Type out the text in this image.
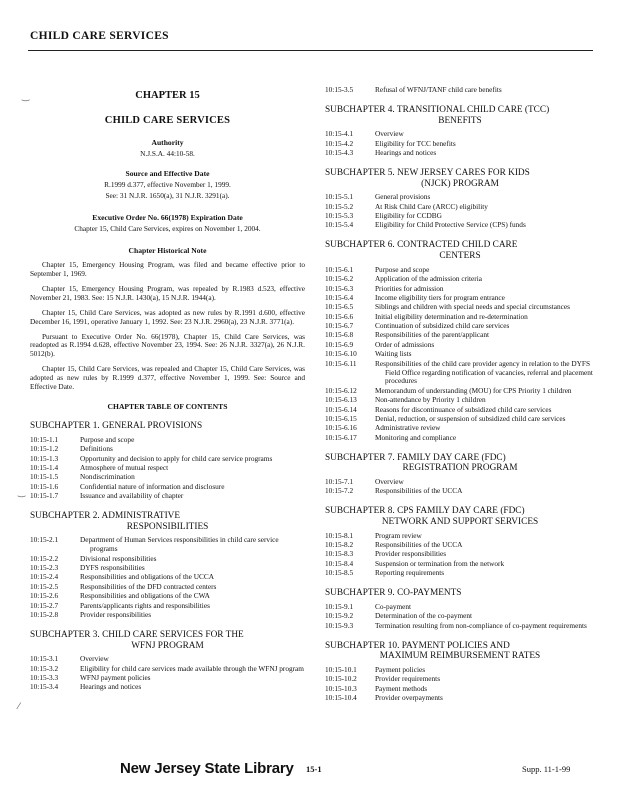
CHILD CARE SERVICES
‿
‿
⁄
CHAPTER 15
CHILD CARE SERVICES
Authority
N.J.S.A. 44:10-58.
Source and Effective Date
R.1999 d.377, effective November 1, 1999.
See: 31 N.J.R. 1650(a), 31 N.J.R. 3291(a).
Executive Order No. 66(1978) Expiration Date
Chapter 15, Child Care Services, expires on November 1, 2004.
Chapter Historical Note
Chapter 15, Emergency Housing Program, was filed and became effective prior to September 1, 1969.
Chapter 15, Emergency Housing Program, was repealed by R.1983 d.523, effective November 21, 1983. See: 15 N.J.R. 1430(a), 15 N.J.R. 1944(a).
Chapter 15, Child Care Services, was adopted as new rules by R.1991 d.600, effective December 16, 1991, operative January 1, 1992. See: 23 N.J.R. 2960(a), 23 N.J.R. 3771(a).
Pursuant to Executive Order No. 66(1978), Chapter 15, Child Care Services, was readopted as R.1994 d.628, effective November 23, 1994. See: 26 N.J.R. 3327(a), 26 N.J.R. 5012(b).
Chapter 15, Child Care Services, was repealed and Chapter 15, Child Care Services, was adopted as new rules by R.1999 d.377, effective November 1, 1999. See: Source and Effective Date.
CHAPTER TABLE OF CONTENTS
SUBCHAPTER 1. GENERAL PROVISIONS
10:15-1.1	Purpose and scope
10:15-1.2	Definitions
10:15-1.3	Opportunity and decision to apply for child care service programs
10:15-1.4	Atmosphere of mutual respect
10:15-1.5	Nondiscrimination
10:15-1.6	Confidential nature of information and disclosure
10:15-1.7	Issuance and availability of chapter
SUBCHAPTER 2. ADMINISTRATIVE
RESPONSIBILITIES
10:15-2.1	Department of Human Services responsibilities in child care service programs
10:15-2.2	Divisional responsibilities
10:15-2.3	DYFS responsibilities
10:15-2.4	Responsibilities and obligations of the UCCA
10:15-2.5	Responsibilities of the DFD contracted centers
10:15-2.6	Responsibilities and obligations of the CWA
10:15-2.7	Parents/applicants rights and responsibilities
10:15-2.8	Provider responsibilities
SUBCHAPTER 3. CHILD CARE SERVICES FOR THE
WFNJ PROGRAM
10:15-3.1	Overview
10:15-3.2	Eligibility for child care services made available through the WFNJ program
10:15-3.3	WFNJ payment policies
10:15-3.4	Hearings and notices
10:15-3.5	Refusal of WFNJ/TANF child care benefits
SUBCHAPTER 4. TRANSITIONAL CHILD CARE (TCC)
BENEFITS
10:15-4.1	Overview
10:15-4.2	Eligibility for TCC benefits
10:15-4.3	Hearings and notices
SUBCHAPTER 5. NEW JERSEY CARES FOR KIDS
(NJCK) PROGRAM
10:15-5.1	General provisions
10:15-5.2	At Risk Child Care (ARCC) eligibility
10:15-5.3	Eligibility for CCDBG
10:15-5.4	Eligibility for Child Protective Service (CPS) funds
SUBCHAPTER 6. CONTRACTED CHILD CARE
CENTERS
10:15-6.1	Purpose and scope
10:15-6.2	Application of the admission criteria
10:15-6.3	Priorities for admission
10:15-6.4	Income eligibility tiers for program entrance
10:15-6.5	Siblings and children with special needs and special circumstances
10:15-6.6	Initial eligibility determination and re-determination
10:15-6.7	Continuation of subsidized child care services
10:15-6.8	Responsibilities of the parent/applicant
10:15-6.9	Order of admissions
10:15-6.10	Waiting lists
10:15-6.11	Responsibilities of the child care provider agency in relation to the DYFS Field Office regarding notification of vacancies, referral and placement procedures
10:15-6.12	Memorandum of understanding (MOU) for CPS Priority 1 children
10:15-6.13	Non-attendance by Priority 1 children
10:15-6.14	Reasons for discontinuance of subsidized child care services
10:15-6.15	Denial, reduction, or suspension of subsidized child care services
10:15-6.16	Administrative review
10:15-6.17	Monitoring and compliance
SUBCHAPTER 7. FAMILY DAY CARE (FDC)
REGISTRATION PROGRAM
10:15-7.1	Overview
10:15-7.2	Responsibilities of the UCCA
SUBCHAPTER 8. CPS FAMILY DAY CARE (FDC)
NETWORK AND SUPPORT SERVICES
10:15-8.1	Program review
10:15-8.2	Responsibilities of the UCCA
10:15-8.3	Provider responsibilities
10:15-8.4	Suspension or termination from the network
10:15-8.5	Reporting requirements
SUBCHAPTER 9. CO-PAYMENTS
10:15-9.1	Co-payment
10:15-9.2	Determination of the co-payment
10:15-9.3	Termination resulting from non-compliance of co-payment requirements
SUBCHAPTER 10. PAYMENT POLICIES AND
MAXIMUM REIMBURSEMENT RATES
10:15-10.1	Payment policies
10:15-10.2	Provider requirements
10:15-10.3	Payment methods
10:15-10.4	Provider overpayments
New Jersey State Library 15-1	Supp. 11-1-99
